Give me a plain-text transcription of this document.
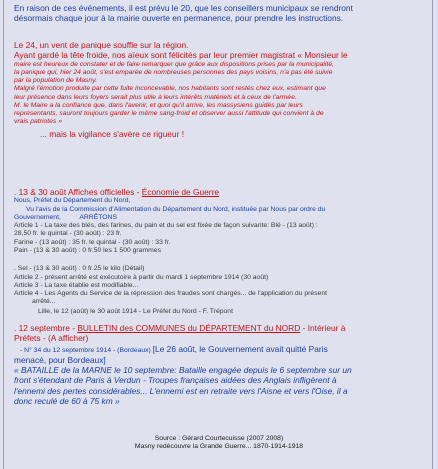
En raison de ces événements, il est prévu le 20, que les conseillers municipaux se rendront

désormais chaque jour à la mairie ouverte en permanence, pour prendre les instructions.

Le 24, un vent de panique souffle sur la région.

Ayant gardé la tête froide, nos aïeux sont félicités par leur premier magistrat « Monsieur le

maire est heureux de constater et de faire remarquer que grâce aux dispositions prises par la municipalité,

la panique qui, hier 24 août, s'est emparée de nombreuses personnes des pays voisins, n'a pas été suivie

par la population de Masny.

Malgré l'émotion produite par cette fuite inconcevable, nos habitants sont restés chez eux, estimant que

leur présence dans leurs foyers serait plus utile à leurs intérêts matériels et à ceux de l'armée.

M. le Maire a la confiance que, dans l'avenir, et quoi qu'il arrive, les massysiens guidés par leurs

représentants, sauront toujours garder le même sang-froid et observer aussi l'attitude qui convient à de

vrais patriotes »

... mais la vigilance s'avère ce rigueur !

. 13 & 30 août Affiches officielles - Économie de Guerre

Nous, Préfet du Département du Nord,

Vu l'avis de la Commission d'Alimentation du Département du Nord, instituée par Nous par ordre du

Gouvernement,          ARRÊTONS

Article 1 - La taxe des blés, des farines, du pain et du sel est fixée de façon suivante: Blé - (13 août) :

28,50 fr. le quintal - (30 août) : 23 fr.

Farine - (13 août) : 35 fr. le quintal - (30 août) : 33 fr.

Pain - (13 & 30 août) : 0 fr.50 les 1 500 grammes

. Sel - (13 & 30 août) : 0 fr.25 le kilo (Détail)

Article 2 - présent arrêté est exécutoire à partir du mardi 1 septembre 1914 (30 août)

Article 3 - La taxe établie est modifiable...

Article 4 - Les Agents du Service de la répression des fraudes sont chargés... de l'application du présent

arrêté...

Lille, le 12 (août) le 30 août 1914 - Le Préfet du Nord - F. Trépont

. 12 septembre - BULLETIN des COMMUNES du DÉPARTEMENT du NORD - Intérieur à

Préfets - (A afficher)

- N° 34 du 12 septembre 1914 - (Bordeaux) [Le 26 août, le Gouvernement avait quitté Paris

menacé, pour Bordeaux]

« BATAILLE de la MARNE le 10 septembre: Bataille engagée depuis le 6 septembre sur un

front s'étendant de Paris à Verdun - Troupes françaises aidées des Anglais infligèrent à

l'ennemi des pertes considérables... L'ennemi est en retraite vers l'Aisne et vers l'Oise, il a

donc reculé de 60 à 75 km »

Source : Gérard Courtecuisse (2007 2008)

Masny redécouvre la Grande Guerre... 1870-1914-1918
